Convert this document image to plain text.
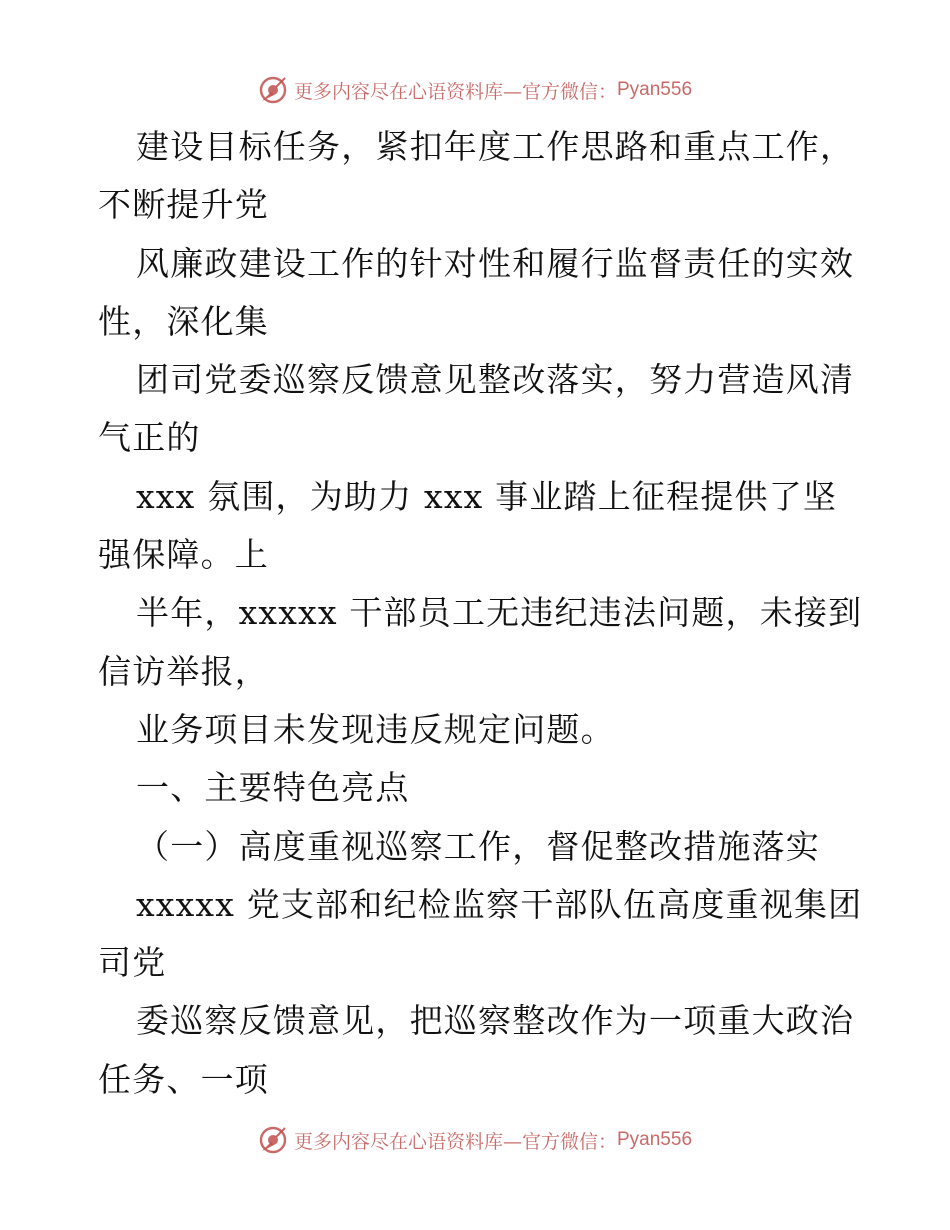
更多内容尽在心语资料库—官方微信： Pyan556
建设目标任务，紧扣年度工作思路和重点工作，
不断提升党
风廉政建设工作的针对性和履行监督责任的实效
性，深化集
团司党委巡察反馈意见整改落实，努力营造风清
气正的
xxx 氛围，为助力 xxx 事业踏上征程提供了坚
强保障。上
半年，xxxxx 干部员工无违纪违法问题，未接到
信访举报，
业务项目未发现违反规定问题。
一、主要特色亮点
（一）高度重视巡察工作，督促整改措施落实
xxxxx 党支部和纪检监察干部队伍高度重视集团
司党
委巡察反馈意见，把巡察整改作为一项重大政治
任务、一项
更多内容尽在心语资料库—官方微信： Pyan556
